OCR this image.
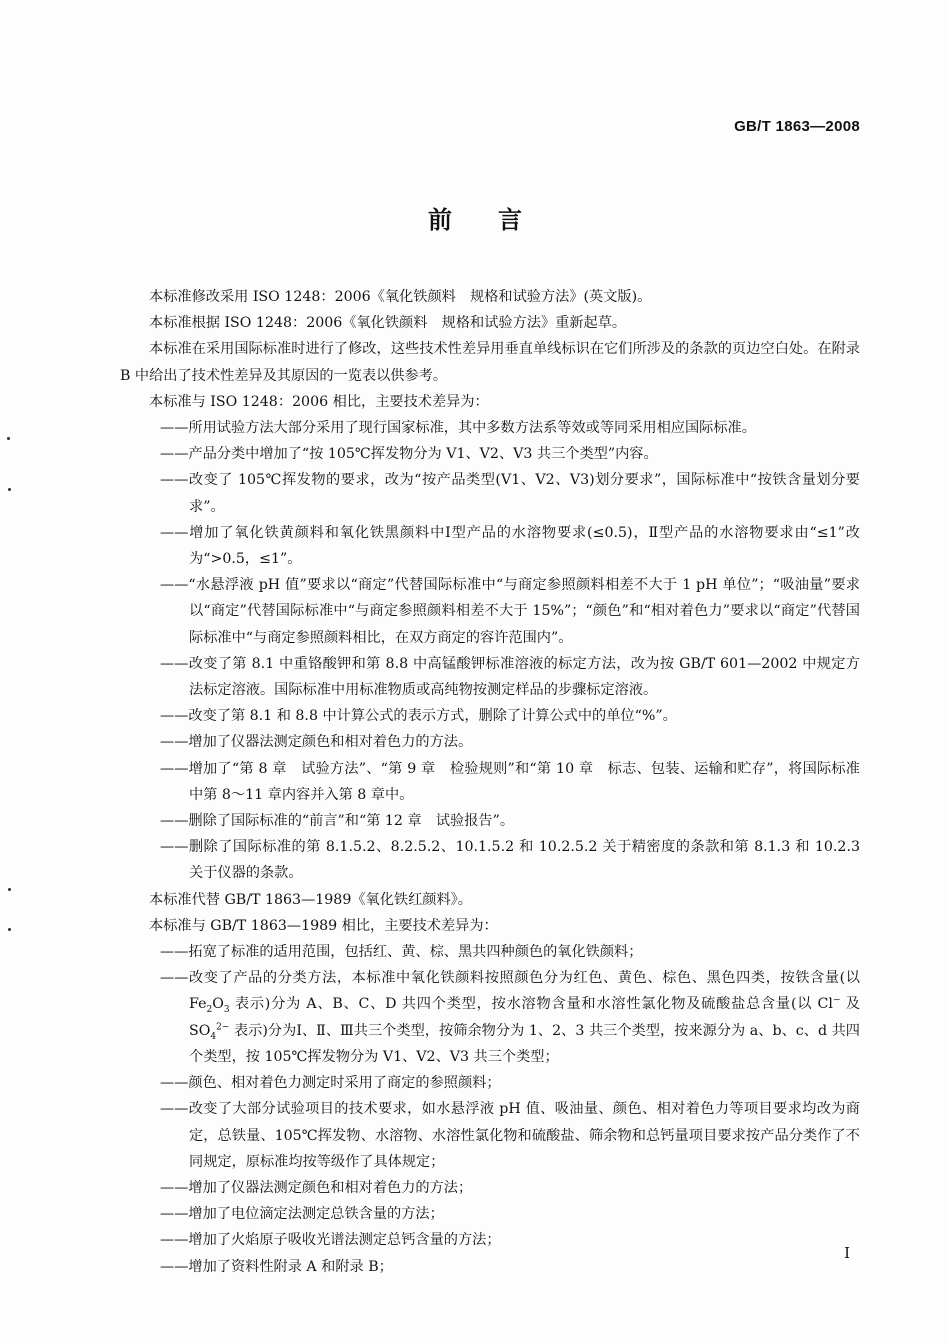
GB/T 1863—2008
前 言

本标准修改采用 ISO 1248：2006《氧化铁颜料　规格和试验方法》(英文版)。

本标准根据 ISO 1248：2006《氧化铁颜料　规格和试验方法》重新起草。

本标准在采用国际标准时进行了修改，这些技术性差异用垂直单线标识在它们所涉及的条款的页边空白处。在附录 B 中给出了技术性差异及其原因的一览表以供参考。

本标准与 ISO 1248：2006 相比，主要技术差异为：

——所用试验方法大部分采用了现行国家标准，其中多数方法系等效或等同采用相应国际标准。

——产品分类中增加了“按 105℃挥发物分为 V1、V2、V3 共三个类型”内容。

——改变了 105℃挥发物的要求，改为“按产品类型(V1、V2、V3)划分要求”，国际标准中“按铁含量划分要求”。

——增加了氧化铁黄颜料和氧化铁黑颜料中Ⅰ型产品的水溶物要求(≤0.5)，Ⅱ型产品的水溶物要求由“≤1”改为“>0.5，≤1”。

——“水悬浮液 pH 值”要求以“商定”代替国际标准中“与商定参照颜料相差不大于 1 pH 单位”；“吸油量”要求以“商定”代替国际标准中“与商定参照颜料相差不大于 15%”；“颜色”和“相对着色力”要求以“商定”代替国际标准中“与商定参照颜料相比，在双方商定的容许范围内”。

——改变了第 8.1 中重铬酸钾和第 8.8 中高锰酸钾标准溶液的标定方法，改为按 GB/T 601—2002 中规定方法标定溶液。国际标准中用标准物质或高纯物按测定样品的步骤标定溶液。

——改变了第 8.1 和 8.8 中计算公式的表示方式，删除了计算公式中的单位“%”。

——增加了仪器法测定颜色和相对着色力的方法。

——增加了“第 8 章　试验方法”、“第 9 章　检验规则”和“第 10 章　标志、包装、运输和贮存”，将国际标准中第 8～11 章内容并入第 8 章中。

——删除了国际标准的“前言”和“第 12 章　试验报告”。

——删除了国际标准的第 8.1.5.2、8.2.5.2、10.1.5.2 和 10.2.5.2 关于精密度的条款和第 8.1.3 和 10.2.3 关于仪器的条款。

本标准代替 GB/T 1863—1989《氧化铁红颜料》。

本标准与 GB/T 1863—1989 相比，主要技术差异为：

——拓宽了标准的适用范围，包括红、黄、棕、黑共四种颜色的氧化铁颜料；

——改变了产品的分类方法，本标准中氧化铁颜料按照颜色分为红色、黄色、棕色、黑色四类，按铁含量(以 $Fe_2O_3$ 表示)分为 A、B、C、D 共四个类型，按水溶物含量和水溶性氯化物及硫酸盐总含量(以 Cl− 及 $SO_4^{2-}$ 表示)分为Ⅰ、Ⅱ、Ⅲ共三个类型，按筛余物分为 1、2、3 共三个类型，按来源分为 a、b、c、d 共四个类型，按 105℃挥发物分为 V1、V2、V3 共三个类型；

——颜色、相对着色力测定时采用了商定的参照颜料；

——改变了大部分试验项目的技术要求，如水悬浮液 pH 值、吸油量、颜色、相对着色力等项目要求均改为商定，总铁量、105℃挥发物、水溶物、水溶性氯化物和硫酸盐、筛余物和总钙量项目要求按产品分类作了不同规定，原标准均按等级作了具体规定；

——增加了仪器法测定颜色和相对着色力的方法；

——增加了电位滴定法测定总铁含量的方法；

——增加了火焰原子吸收光谱法测定总钙含量的方法；

——增加了资料性附录 A 和附录 B；

I
